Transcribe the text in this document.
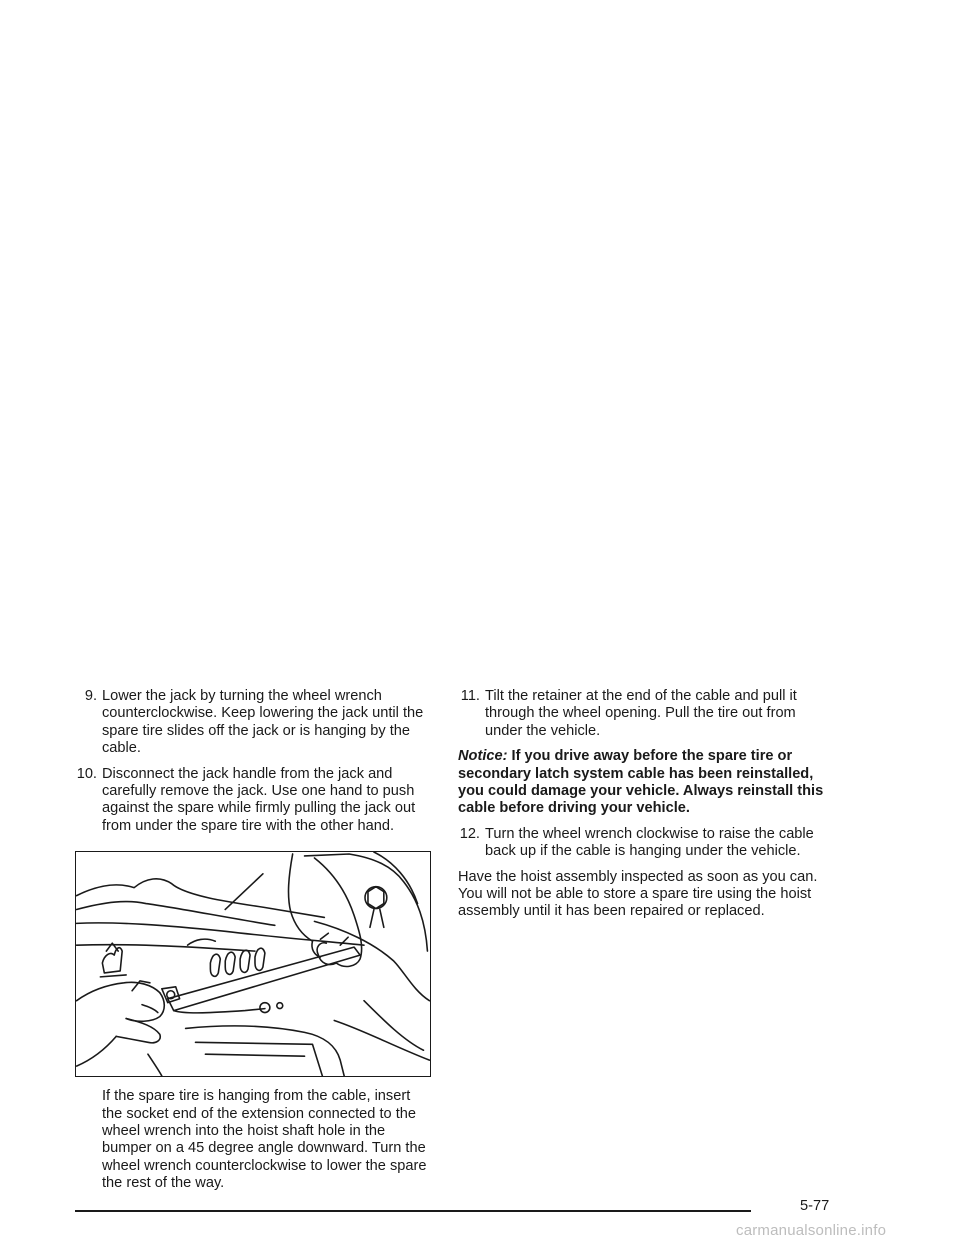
9. Lower the jack by turning the wheel wrench counterclockwise. Keep lowering the jack until the spare tire slides off the jack or is hanging by the cable.
10. Disconnect the jack handle from the jack and carefully remove the jack. Use one hand to push against the spare while firmly pulling the jack out from under the spare tire with the other hand.
If the spare tire is hanging from the cable, insert the socket end of the extension connected to the wheel wrench into the hoist shaft hole in the bumper on a 45 degree angle downward. Turn the wheel wrench counterclockwise to lower the spare the rest of the way.
11. Tilt the retainer at the end of the cable and pull it through the wheel opening. Pull the tire out from under the vehicle.
Notice: If you drive away before the spare tire or secondary latch system cable has been reinstalled, you could damage your vehicle. Always reinstall this cable before driving your vehicle.
12. Turn the wheel wrench clockwise to raise the cable back up if the cable is hanging under the vehicle.
Have the hoist assembly inspected as soon as you can. You will not be able to store a spare tire using the hoist assembly until it has been repaired or replaced.
5-77
carmanualsonline.info
